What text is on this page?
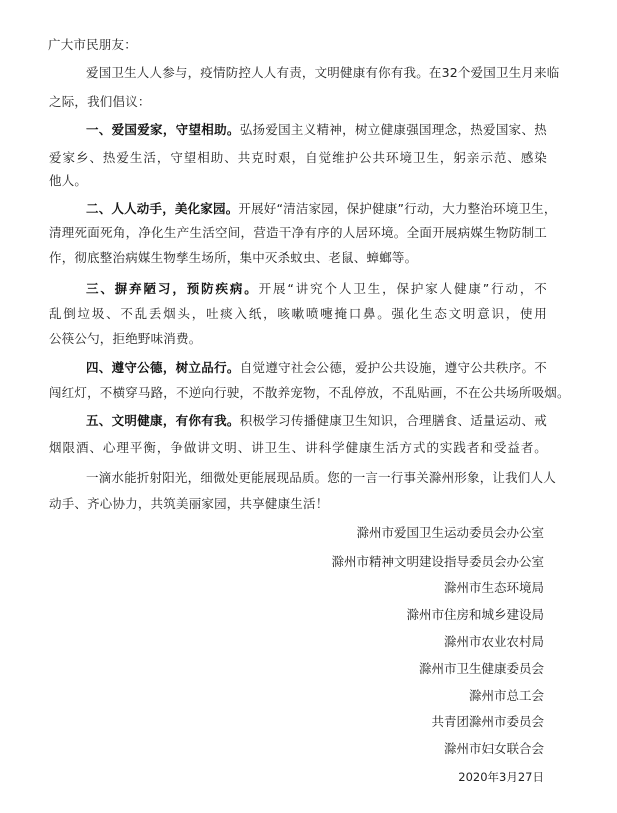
广大市民朋友：
爱国卫生人人参与，疫情防控人人有责，文明健康有你有我。在32个爱国卫生月来临
之际，我们倡议：
一、爱国爱家，守望相助。弘扬爱国主义精神，树立健康强国理念，热爱国家、热
爱家乡、热爱生活，守望相助、共克时艰，自觉维护公共环境卫生，躬亲示范、感染
他人。
二、人人动手，美化家园。开展好“清洁家园，保护健康”行动，大力整治环境卫生，
清理死面死角，净化生产生活空间，营造干净有序的人居环境。全面开展病媒生物防制工
作，彻底整治病媒生物孳生场所，集中灭杀蚊虫、老鼠、蟑螂等。
三、摒弃陋习，预防疾病。开展“讲究个人卫生，保护家人健康”行动，不
乱倒垃圾、不乱丢烟头，吐痰入纸，咳嗽喷嚏掩口鼻。强化生态文明意识，使用
公筷公勺，拒绝野味消费。
四、遵守公德，树立品行。自觉遵守社会公德，爱护公共设施，遵守公共秩序。不
闯红灯，不横穿马路，不逆向行驶，不散养宠物，不乱停放，不乱贴画，不在公共场所吸烟。
五、文明健康，有你有我。积极学习传播健康卫生知识，合理膳食、适量运动、戒
烟限酒、心理平衡，争做讲文明、讲卫生、讲科学健康生活方式的实践者和受益者。
一滴水能折射阳光，细微处更能展现品质。您的一言一行事关滁州形象，让我们人人
动手、齐心协力，共筑美丽家园，共享健康生活！
滁州市爱国卫生运动委员会办公室
滁州市精神文明建设指导委员会办公室
滁州市生态环境局
滁州市住房和城乡建设局
滁州市农业农村局
滁州市卫生健康委员会
滁州市总工会
共青团滁州市委员会
滁州市妇女联合会
2020年3月27日
